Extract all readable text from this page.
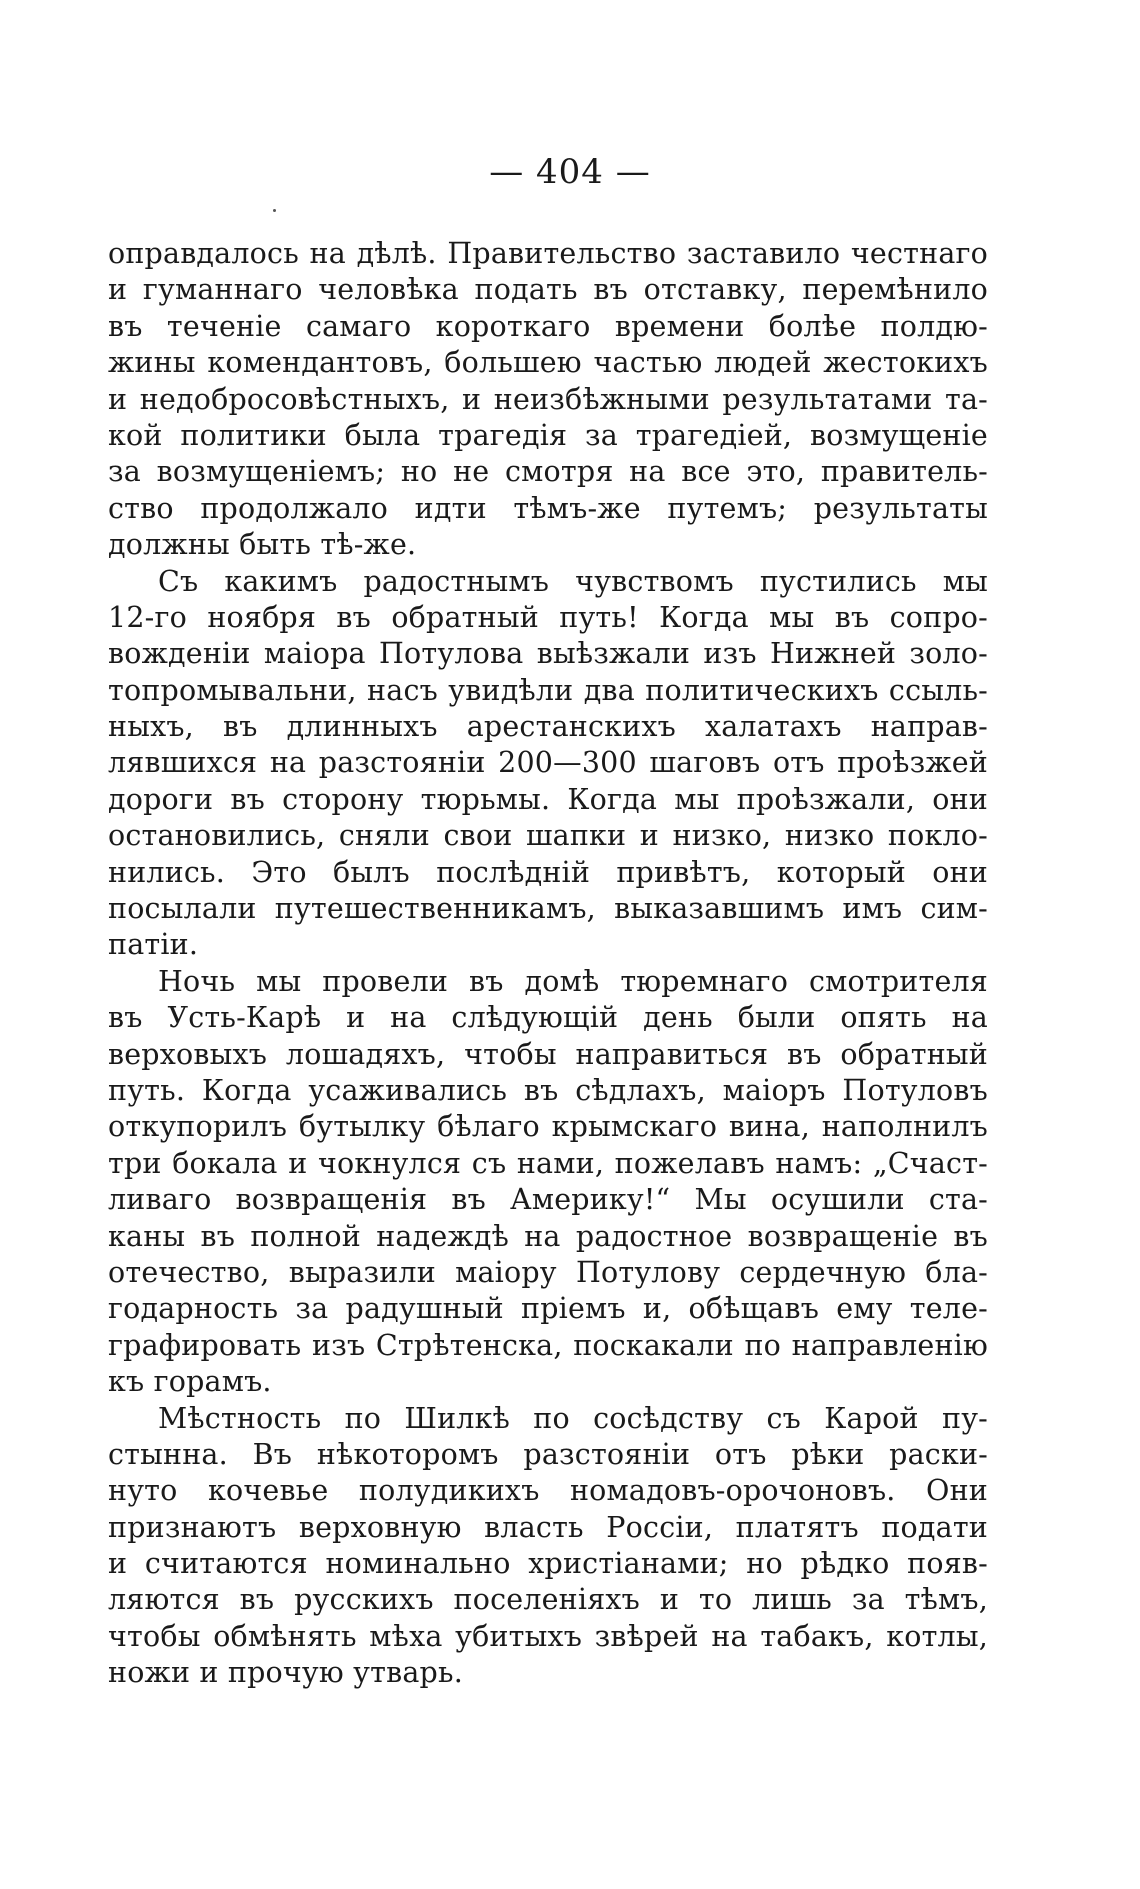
— 404 —
оправдалось на дѣлѣ. Правительство заставило честнаго
и гуманнаго человѣка подать въ отставку, перемѣнило
въ теченіе самаго короткаго времени болѣе полдю-
жины комендантовъ, большею частью людей жестокихъ
и недобросовѣстныхъ, и неизбѣжными результатами та-
кой политики была трагедія за трагедіей, возмущеніе
за возмущеніемъ; но не смотря на все это, правитель-
ство продолжало идти тѣмъ-же путемъ; результаты
должны быть тѣ-же.
Съ какимъ радостнымъ чувствомъ пустились мы
12-го ноября въ обратный путь! Когда мы въ сопро-
вожденіи маіора Потулова выѣзжали изъ Нижней золо-
топромывальни, насъ увидѣли два политическихъ ссыль-
ныхъ, въ длинныхъ арестанскихъ халатахъ направ-
лявшихся на разстояніи 200—300 шаговъ отъ проѣзжей
дороги въ сторону тюрьмы. Когда мы проѣзжали, они
остановились, сняли свои шапки и низко, низко покло-
нились. Это былъ послѣдній привѣтъ, который они
посылали путешественникамъ, выказавшимъ имъ сим-
патіи.
Ночь мы провели въ домѣ тюремнаго смотрителя
въ Усть-Карѣ и на слѣдующій день были опять на
верховыхъ лошадяхъ, чтобы направиться въ обратный
путь. Когда усаживались въ сѣдлахъ, маіоръ Потуловъ
откупорилъ бутылку бѣлаго крымскаго вина, наполнилъ
три бокала и чокнулся съ нами, пожелавъ намъ: „Счаст-
ливаго возвращенія въ Америку!“ Мы осушили ста-
каны въ полной надеждѣ на радостное возвращеніе въ
отечество, выразили маіору Потулову сердечную бла-
годарность за радушный пріемъ и, обѣщавъ ему теле-
графировать изъ Стрѣтенска, поскакали по направленію
къ горамъ.
Мѣстность по Шилкѣ по сосѣдству съ Карой пу-
стынна. Въ нѣкоторомъ разстояніи отъ рѣки раски-
нуто кочевье полудикихъ номадовъ-орочоновъ. Они
признаютъ верховную власть Россіи, платятъ подати
и считаются номинально христіанами; но рѣдко появ-
ляются въ русскихъ поселеніяхъ и то лишь за тѣмъ,
чтобы обмѣнять мѣха убитыхъ звѣрей на табакъ, котлы,
ножи и прочую утварь.
